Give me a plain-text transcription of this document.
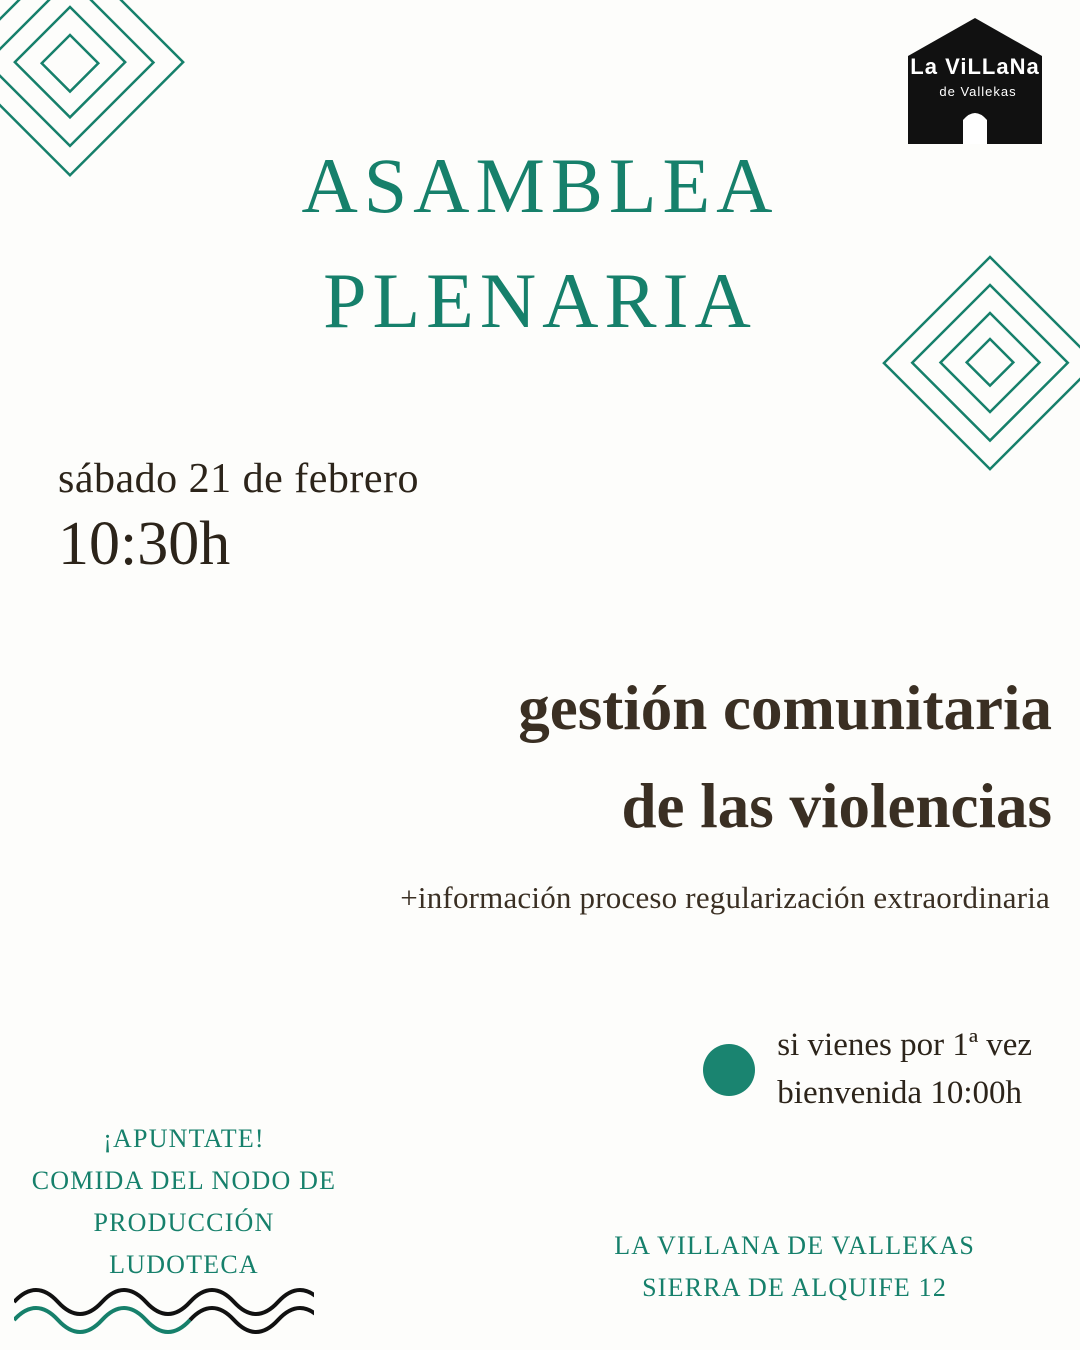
La ViLLaNa
de Vallekas
ASAMBLEA
PLENARIA
sábado 21 de febrero
10:30h
gestión comunitaria
de las violencias
+información proceso regularización extraordinaria
si vienes por 1ª vez
bienvenida 10:00h
¡APUNTATE!
COMIDA DEL NODO DE
PRODUCCIÓN
LUDOTECA
LA VILLANA DE VALLEKAS
SIERRA DE ALQUIFE 12
